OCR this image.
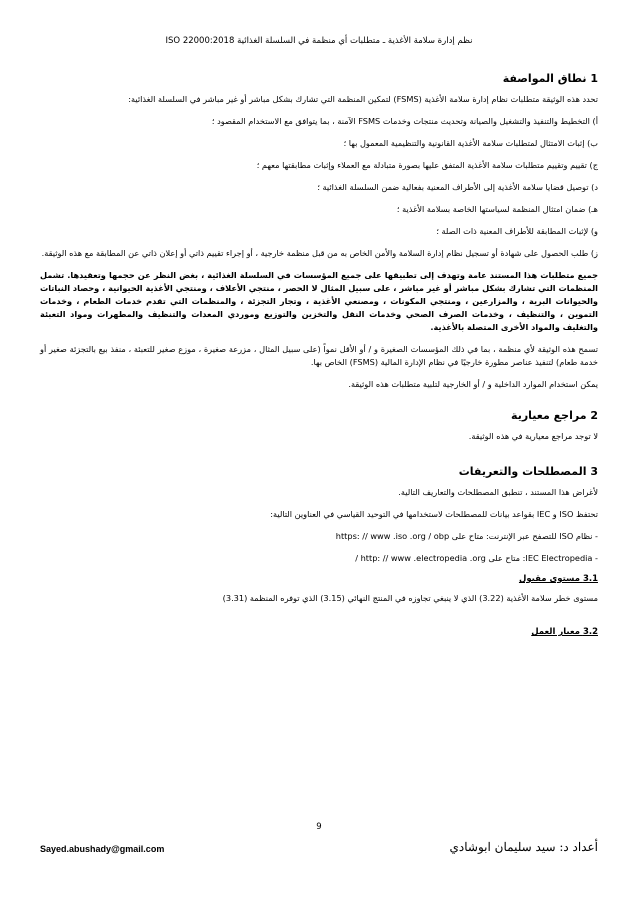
نظم إدارة سلامة الأغذية ـ متطلبات أي منظمة في السلسلة الغذائية ISO 22000:2018
1 نطاق المواصفة

تحدد هذه الوثيقة متطلبات نظام إدارة سلامة الأغذية (FSMS) لتمكين المنظمة التي تشارك بشكل مباشر أو غير مباشر في السلسلة الغذائية:

أ) التخطيط والتنفيذ والتشغيل والصيانة وتحديث منتجات وخدمات FSMS الآمنة ، بما يتوافق مع الاستخدام المقصود ؛

ب) إثبات الامتثال لمتطلبات سلامة الأغذية القانونية والتنظيمية المعمول بها ؛

ج) تقييم وتقييم متطلبات سلامة الأغذية المتفق عليها بصورة متبادلة مع العملاء وإثبات مطابقتها معهم ؛

د) توصيل قضايا سلامة الأغذية إلى الأطراف المعنية بفعالية ضمن السلسلة الغذائية ؛

هـ) ضمان امتثال المنظمة لسياستها الخاصة بسلامة الأغذية ؛

و) لإثبات المطابقة للأطراف المعنية ذات الصلة ؛

ز) طلب الحصول على شهادة أو تسجيل نظام إدارة السلامة والأمن الخاص به من قبل منظمة خارجية ، أو إجراء تقييم ذاتي أو إعلان ذاتي عن المطابقة مع هذه الوثيقة.

جميع متطلبات هذا المستند عامة وتهدف إلى تطبيقها على جميع المؤسسات في السلسلة الغذائية ، بغض النظر عن حجمها وتعقيدها. تشمل المنظمات التي تشارك بشكل مباشر أو غير مباشر ، على سبيل المثال لا الحصر ، منتجي الأعلاف ، ومنتجي الأغذية الحيوانية ، وحصاد النباتات والحيوانات البرية ، والمزارعين ، ومنتجي المكونات ، ومصنعي الأغذية ، وتجار التجزئة ، والمنظمات التي تقدم خدمات الطعام ، وخدمات التموين ، والتنظيف ، وخدمات الصرف الصحي وخدمات النقل والتخزين والتوزيع وموردي المعدات والتنظيف والمطهرات ومواد التعبئة والتغليف والمواد الأخرى المتصلة بالأغذية.

تسمح هذه الوثيقة لأي منظمة ، بما في ذلك المؤسسات الصغيرة و / أو الأقل نمواً (على سبيل المثال ، مزرعة صغيرة ، موزع صغير للتعبئة ، منفذ بيع بالتجزئة صغير أو خدمة طعام) لتنفيذ عناصر مطورة خارجيًا في نظام الإدارة المالية (FSMS) الخاص بها.

يمكن استخدام الموارد الداخلية و / أو الخارجية لتلبية متطلبات هذه الوثيقة.

2 مراجع معيارية

لا توجد مراجع معيارية في هذه الوثيقة.

3 المصطلحات والتعريفات

لأغراض هذا المستند ، تنطبق المصطلحات والتعاريف التالية.

تحتفظ ISO و IEC بقواعد بيانات للمصطلحات لاستخدامها في التوحيد القياسي في العناوين التالية:

- نظام ISO للتصفح عبر الإنترنت: متاح على https: // www .iso .org / obp

- IEC Electropedia: متاح على http: // www .electropedia .org /

3.1 مستوى مقبول

مستوى خطر سلامة الأغذية (3.22) الذي لا ينبغي تجاوزه في المنتج النهائي (3.15) الذي توفره المنظمة (3.31)

3.2 معيار العمل
9
أعداد د: سيد سليمان ابوشادي
Sayed.abushady@gmail.com
